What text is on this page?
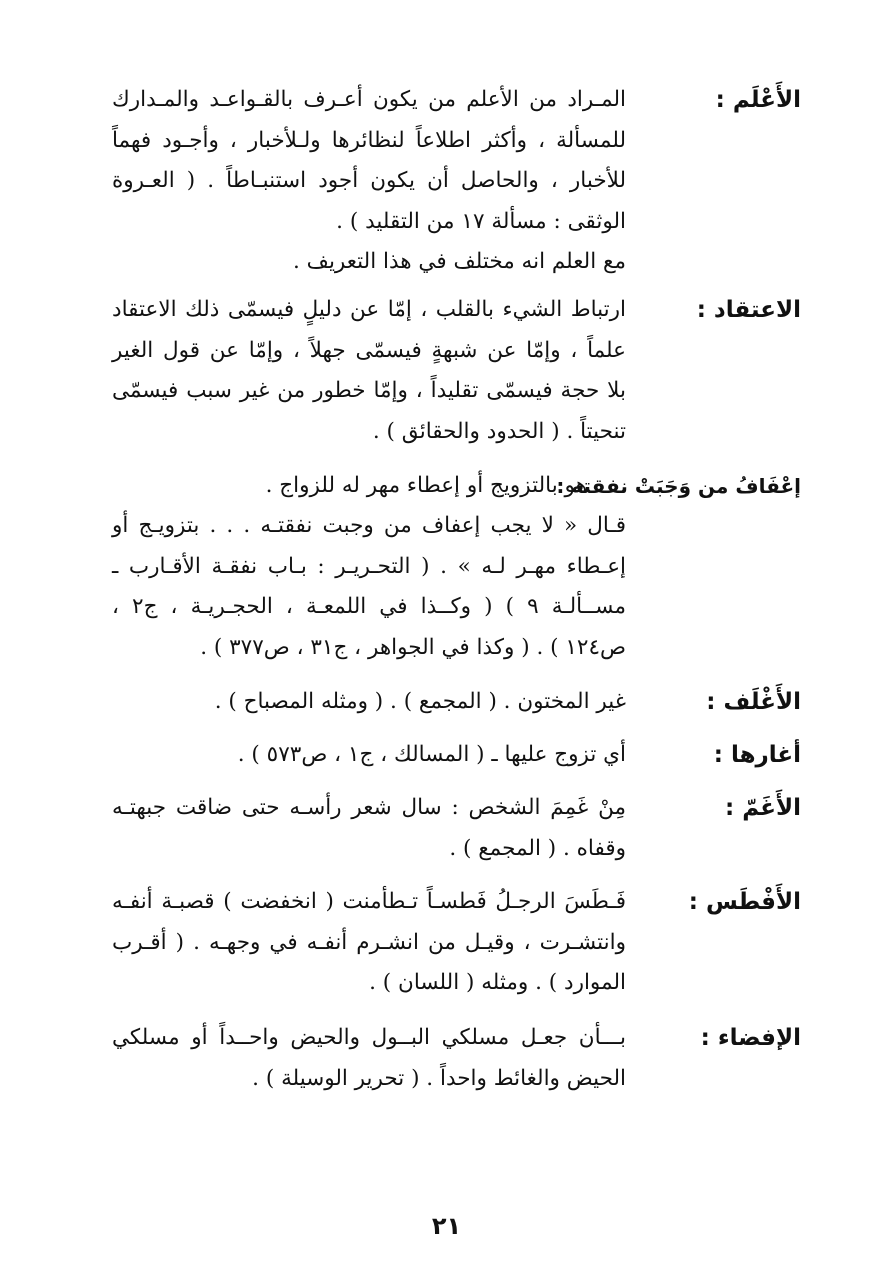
الأَعْلَم :
المـراد من الأعلم من يكون أعـرف بالقـواعـد والمـدارك
للمسألة ، وأكثر اطلاعاً لنظائرها ولـلأخبار ، وأجـود فهماً
للأخبار ، والحاصل أن يكون أجود استنبـاطاً . ( العـروة
الوثقى : مسألة ١٧ من التقليد ) .
مع العلم انه مختلف في هذا التعريف .
الاعتقاد :
ارتباط الشيء بالقلب ، إمّا عن دليلٍ فيسمّى ذلك الاعتقاد
علماً ، وإمّا عن شبهةٍ فيسمّى جهلاً ، وإمّا عن قول الغير
بلا حجة فيسمّى تقليداً ، وإمّا خطور من غير سبب فيسمّى
تنحيتاً . ( الحدود والحقائق ) .
إعْفَافُ من وَجَبَتْ نفقته :
هو بالتزويج أو إعطاء مهر له للزواج .
قـال « لا يجب إعفاف من وجبت نفقتـه . . . بتزويـج أو
إعـطاء مهـر لـه » . ( التحـريـر : بـاب نفقـة الأقـارب ـ
مســألـة ٩ ) ( وكــذا في اللمعـة ، الحجـريـة ، ج٢ ،
ص١٢٤ ) . ( وكذا في الجواهر ، ج٣١ ، ص٣٧٧ ) .
الأَغْلَف :
غير المختون . ( المجمع ) . ( ومثله المصباح ) .
أغارها :
أي تزوج عليها ـ ( المسالك ، ج١ ، ص٥٧٣ ) .
الأَغَمّ :
مِنْ غَمِمَ الشخص : سال شعر رأسـه حتى ضاقت جبهتـه
وقفاه . ( المجمع ) .
الأَفْطَس :
فَـطَسَ الرجـلُ فَطسـاً تـطأمنت ( انخفضت ) قصبـة أنفـه
وانتشـرت ، وقيـل من انشـرم أنفـه في وجهـه . ( أقـرب
الموارد ) . ومثله ( اللسان ) .
الإفضاء :
بـــأن جعـل مسلكي البــول والحيض واحــداً أو مسلكي
الحيض والغائط واحداً . ( تحرير الوسيلة ) .
٢١
